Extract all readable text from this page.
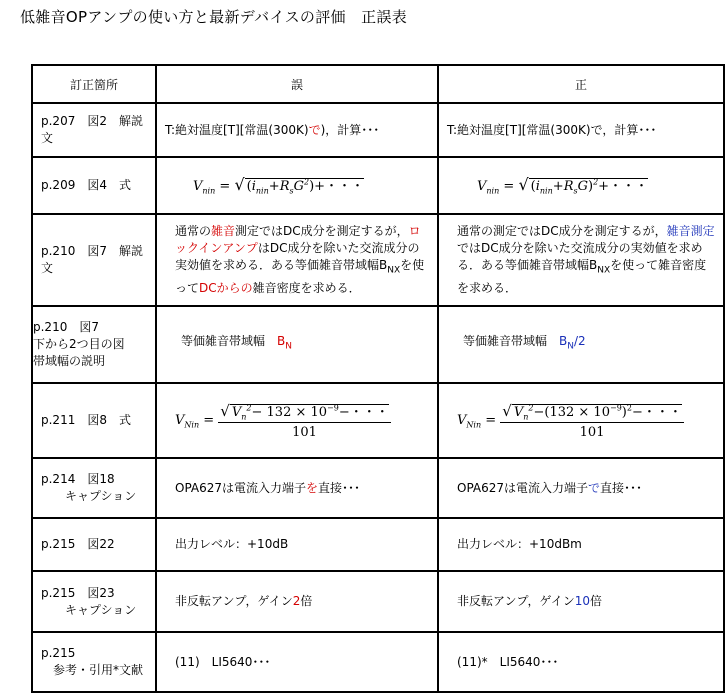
低雑音OPアンプの使い方と最新デバイスの評価　正誤表
訂正箇所	誤	正

p.207　図2　解説文	T:絶対温度[T][常温(300K)で)，計算･･･	T:絶対温度[T][常温(300K)で，計算･･･

p.209　図4　式	$V_{nin}$ = √ $(i_{nin}+R_sG^2)+$・・・	$V_{nin}$ = √ $(i_{nin}+R_sG)^2+$・・・

p.210　図7　解説文	通常の雑音測定ではDC成分を測定するが，ロックインアンプはDC成分を除いた交流成分の実効値を求める．ある等価雑音帯域幅$B_{NX}$を使ってDCからの雑音密度を求める．	通常の測定ではDC成分を測定するが，雑音測定ではDC成分を除いた交流成分の実効値を求める．ある等価雑音帯域幅$B_{NX}$を使って雑音密度を求める．

p.210　図7
下から2つ目の図
帯域幅の説明	等価雑音帯域幅　$B_N$	等価雑音帯域幅　$B_N/2$

p.211　図8　式	$V_{Nin} = \frac{√ V_n^2- 132 \times 10^{-9}-・・・}{101}$	$V_{Nin} = \frac{√ V_n^2-(132 \times 10^{-9})^2-・・・}{101}$

p.214　図18
　　キャプション	OPA627は電流入力端子を直接･･･	OPA627は電流入力端子で直接･･･

p.215　図22	出力レベル：+10dB	出力レベル：+10dBm

p.215　図23
　　キャプション	非反転アンプ，ゲイン2倍	非反転アンプ，ゲイン10倍

p.215
　参考・引用*文献	(11)　LI5640･･･	(11)*　LI5640･･･
